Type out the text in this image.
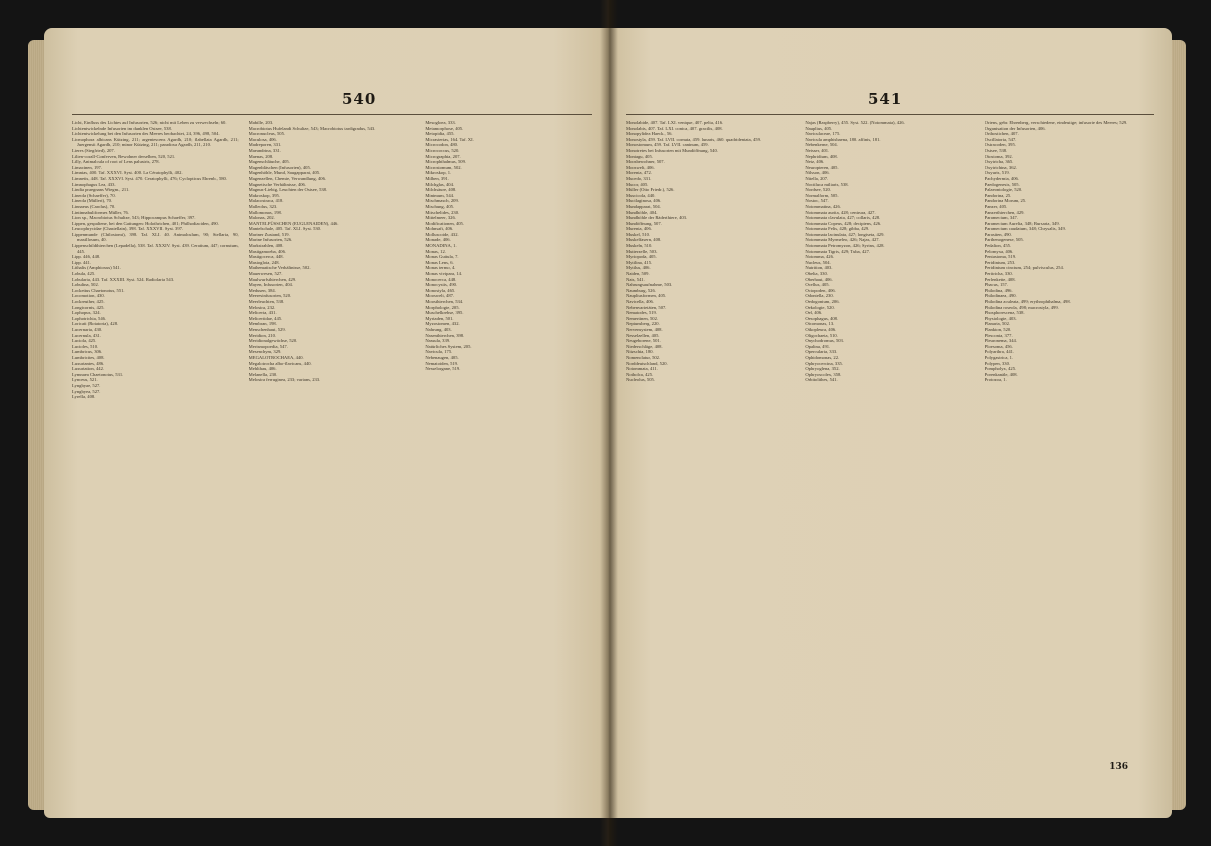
540
Licht, Einfluss des Lichtes auf Infusorien, 526; nicht mit Leben zu verwechseln; 60.
Lichtentwickelnde Infusorien im dunklen Ostsee, 538.
Lichtentwickelung bei den Infusorien des Meeres beobachtet, 24, 396, 498, 504.
Licmophora albicans Kützing, 211; argentescens Agardh, 210; flabellata Agardh, 211; Juergensii Agardh, 210; minor Kützing, 211; paradoxa Agardh, 211, 210.
Lieres (Siegfried), 207.
Lilien-corall-Conferven, Bewohner derselben, 520, 521.
Lilly, Animalcula of root of Lens palustris, 278.
Limacinen, 197.
Limnias, 400. Taf. XXXVI. Syst. 400. La Cératophylli, 402.
Limnetis, 448. Taf. XXXVI. Syst. 470. Ceratophylli, 476; Cyclopticus Ehrenb., 580.
Limnophagus Lea, 433.
Lindia praegnans Wiegm., 211.
Lineola (Schaeffer), 70.
Lineola (Mülleri), 70.
Linnaeus (Carolus), 70.
Lintinnabuliformes Müller, 76.
Lion sp., Macrobiotus Schultze, 543; Hippocampus Schaeffer, 397.
Lippen, gespaltene, bei den Gattungen: Holothrichen, 401; Philhodiaciden, 490.
Leucophrycidae (Chastellain), 398. Taf. XXXVII. Syst. 397.
Lippenmunde (Chilostomi), 398. Taf. XLI. 40. Animalculum, 90; Stellaria, 90, maxillosum, 40.
Lippenschildthierchen (Lepadella), 538. Taf. XXXIV. Syst. 439. Ceratium, 447; cornutum, 445.
Lipp. 446, 448.
Lipp. 441.
Lithalis (Amphioxus) 541.
Lobula, 425.
Lobularia, 443. Taf. XXXIII. Syst. 524. Radiolaria 543.
Lobulina, 502.
Lockettus Chaetonotus, 551.
Locomotion, 430.
Lockreuther, 425.
Longicornis, 425.
Lophopus, 324.
Lophotrichia, 546.
Loricati (Rotatoria), 428.
Lucernaria, 430.
Lucernula, 431.
Luciola, 425.
Lucioles, 510.
Lumbricus, 306.
Lumbricites, 408.
Luxuriantes, 486.
Luxuriation, 442.
Lymnaea Chaetonotus, 531.
Lynceus, 521.
Lyngbyae, 527.
Lyngbyea, 527.
Lyrella, 408.
Mabille, 203.
Macrobiotus Hufelandi Schultze, 543; Macrobiotus tardigradus, 543.
Macronucleus, 505.
Maculosa, 406.
Madreporen, 331.
Maeandrina, 331.
Maenas, 208.
Magenschläuche, 405.
Magenbläschen (Infusorien), 405.
Magenhöhle, Mund, Saugapparat, 405.
Magenzellen, Chemie, Verwandlung, 406.
Magnetische Verhältnisse, 406.
Magnus-Liebig, Leuchten der Ostsee, 538.
Makroskop, 395.
Malacostraca, 418.
Malleolus, 323.
Mallomonas, 198.
Malonas, 202.
MANTELFÜSSCHEN (EUGLENAIDEN), 446.
Mantelschale, 405. Taf. XLI. Syst. 530.
Mariner Zustand, 519.
Marine Infusorien, 526.
Markstrahlen, 408.
Mastigamoeba, 406.
Mastigocerca, 448.
Mastogloia, 248.
Mathematische Verhältnisse, 502.
Mauerwesen, 527.
Maulwurfsthierchen, 429.
Mayen, Infusorien, 404.
Medusen, 384.
Meeresinfusorien, 520.
Meerleuchten, 538.
Melosira, 232.
Melicerta, 431.
Melicertidae, 445.
Membran, 198.
Menschenhaut, 529.
Meridion, 210.
Meridionalgewächse, 520.
Merismopoedia, 547.
Mesenchym, 329.
MEGALOTROCHAEA, 440.
Megalotrocha albo-flavicans, 440.
Mehlthau, 406.
Melanella, 230.
Melosira ferruginea, 233; varians, 233.
Mesogloea, 333.
Metamorphose, 405.
Metopidia, 455.
Micrasterias, 164. Taf. XI.
Microcodon, 480.
Micrococcus, 520.
Micrographia, 207.
Microphthalmus, 509.
Microstomum, 502.
Mikroskop, 1.
Milben, 391.
Milchglas, 404.
Milchsäure, 408.
Minimum, 544.
Mischmasch, 209.
Mischung, 405.
Mitschelides, 230.
Mittelmeer, 326.
Modificationen, 405.
Mohnsaft, 406.
Molluscoide, 432.
Monade, 406.
MONADINA, 1.
Monas, 12.
Monas Guttula, 7.
Monas Lens, 6.
Monas termo, 4.
Monas vivipara, 14.
Monocerca, 448.
Monocystis, 490.
Monostyla, 465.
Mooswelt, 487.
Moosthierchen, 534.
Morphologie, 205.
Muschelkrebse, 395.
Myriaden, 501.
Myzostomen, 432.
Nahrung, 403.
Nasenthierchen, 398.
Nassula, 339.
Natürliches System, 205.
Navicula, 175.
Nebenaugen, 405.
Nematoiden, 519.
Nesselorgane, 519.
541
Monolabide, 407. Taf. LXI. venique, 407. pelta, 416.
Monolabis, 407. Taf. LXI. conica, 407. gracilis, 408.
Monopylidea Haeck., 56.
Monostyla, 459. Taf. LVII. cornuta, 459. lunaris, 460. quadridentata, 459.
Monostomum, 459. Taf. LVII. caninum, 459.
Monotretes bei Infusorien mit Mundöffnung, 540.
Montagu, 405.
Moosbewohner, 507.
Mooswelt, 406.
Morenia, 472.
Mucedo, 331.
Mucor, 405.
Müller (Otto Friedr.), 526.
Muscicola, 440.
Mucilaginosa, 406.
Mundapparat, 504.
Mundhöhle, 404.
Mundhöhle der Räderthiere, 403.
Mundöffnung, 507.
Murenia, 406.
Muskel, 510.
Muskelfasern, 408.
Muskeln, 510.
Mutterzelle, 503.
Myriopoda, 405.
Mytilina, 415.
Mytilus, 406.
Naiden, 509.
Nais, 541.
Nahrungsaufnahme, 503.
Naumburg, 526.
Naupliusformen, 405.
Navicella, 406.
Nebenvarietäten, 507.
Nematodes, 519.
Nemertinen, 502.
Neptunsberg, 220.
Nervensystem, 408.
Nesselzellen, 405.
Neugeborene, 501.
Niederschläge, 408.
Nitzschia, 180.
Nomenclatur, 502.
Norddeutschland, 520.
Notommata, 411.
Notholca, 425.
Nucleolus, 505.
Najas (Raspberry), 455. Syst. 522. (Notommata), 426.
Nauplius, 405.
Naviculaceae, 175.
Navicula amphisbaena, 180. affinis, 181.
Nebenkerne, 504.
Neisser, 401.
Nephridium, 408.
Netz, 406.
Neuropteren, 405.
Nilsson, 406.
Nitella, 207.
Noctiluca miliaris, 538.
Nordsee, 520.
Normalform, 505.
Nostoc, 547.
Notommatina, 426.
Notommata aurita, 428; centrura, 427.
Notommata clavulata, 427; collaris, 428.
Notommata Copeus, 428; decipiens, 426.
Notommata Felis, 428; gibba, 429.
Notommata lacinulata, 427; longiseta, 429.
Notommata Myrmeleo, 426; Najas, 427.
Notommata Petromyzon, 426; Syrinx, 428.
Notommata Tigris, 429; Tuba, 427.
Notomma, 426.
Nucleus, 504.
Nutrition, 403.
Obelia, 330.
Oberhaut, 406.
Ocellus, 405.
Octopoden, 406.
Odontella, 230.
Oedogonium, 206.
Oekologie, 520.
Oel, 406.
Oesophagus, 408.
Oicomonas, 13.
Oikopleura, 406.
Oligochaeta, 510.
Onychodromus, 503.
Opalina, 491.
Opercularia, 333.
Ophidomonas, 22.
Ophryocercina, 335.
Ophryoglena, 352.
Ophryoscolex, 358.
Orbitolithes, 541.
Oriens, gebr. Ehrenberg, verschiedene, eindeutige; infusorie des Meeres; 529.
Organisation der Infusorien, 406.
Orthostichen, 407.
Oscillatoria, 547.
Ostracoden, 395.
Ostsee, 538.
Otostoma, 392.
Oxytricha, 365.
Oxytrichina, 362.
Oxyuris, 519.
Pachydermia, 406.
Paedogenesis, 505.
Palaeontologie, 520.
Pandorina, 25.
Pandorina Morum, 25.
Panzer, 405.
Panzerthierchen, 429.
Paramecium, 347.
Paramecium Aurelia, 348; Bursaria, 349.
Paramecium caudatum, 348; Chrysalis, 349.
Parasiten, 490.
Parthenogenese, 505.
Pedalion, 455.
Pelomyxa, 406.
Pentastoma, 519.
Peridinium, 253.
Peridinium cinctum, 254; pulvisculus, 254.
Peritricha, 330.
Perlenkette, 408.
Phacus, 157.
Philodina, 496.
Philodinaea, 490.
Philodina aculeata, 499; erythrophthalma, 498.
Philodina roseola, 498; macrostyla, 499.
Phosphorescenz, 538.
Physiologie, 403.
Planaria, 502.
Plankton, 520.
Plesconia, 377.
Pleuronema, 344.
Ploesoma, 456.
Polyarthra, 441.
Polygastrica, 1.
Polypen, 330.
Pompholyx, 425.
Porenkanäle, 408.
Protozoa, 1.
136
